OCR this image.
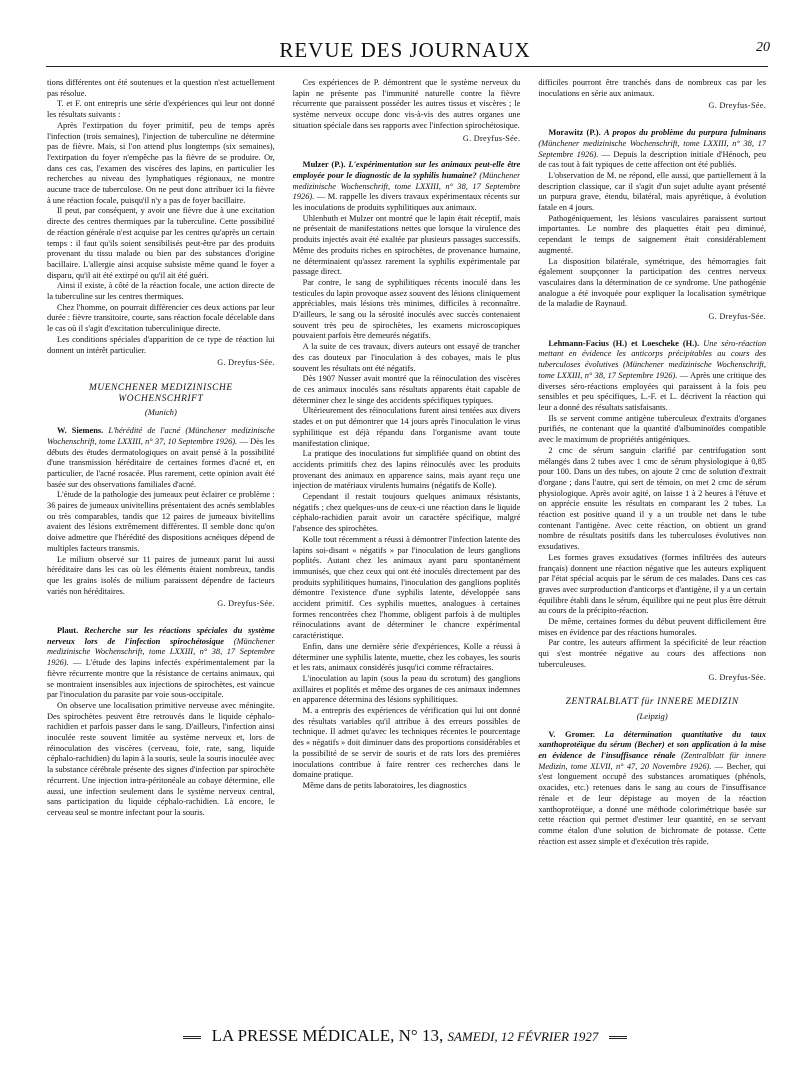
REVUE DES JOURNAUX	20

tions différentes ont été soutenues et la question n'est actuellement pas résolue.

T. et F. ont entrepris une série d'expériences qui leur ont donné les résultats suivants :

Après l'extirpation du foyer primitif, peu de temps après l'infection (trois semaines), l'injection de tuberculine ne détermine pas de fièvre. Mais, si l'on attend plus longtemps (six semaines), l'extirpation du foyer n'empêche pas la fièvre de se produire. Or, dans ces cas, l'examen des viscères des lapins, en particulier les recherches au niveau des lymphatiques régionaux, ne montre aucune trace de tuberculose. On ne peut donc attribuer ici la fièvre à une réaction focale, puisqu'il n'y a pas de foyer bacillaire.

Il peut, par conséquent, y avoir une fièvre due à une excitation directe des centres thermiques par la tuberculine. Cette possibilité de réaction générale n'est acquise par les centres qu'après un certain temps : il faut qu'ils soient sensibilisés peut-être par des produits provenant du tissu malade ou bien par des substances d'origine bacillaire. L'allergie ainsi acquise subsiste même quand le foyer a disparu, qu'il ait été extirpé ou qu'il ait été guéri.

Ainsi il existe, à côté de la réaction focale, une action directe de la tuberculine sur les centres thermiques.

Chez l'homme, on pourrait différencier ces deux actions par leur durée : fièvre transitoire, courte, sans réaction focale décelable dans le cas où il s'agit d'excitation tuberculinique directe.

Les conditions spéciales d'apparition de ce type de réaction lui donnent un intérêt particulier.

G. Dreyfus-Sée.
MUENCHENER MEDIZINISCHE WOCHENSCHRIFT
(Munich)

W. Siemens. L'hérédité de l'acné (Münchener medizinische Wochenschrift, tome LXXIII, n° 37, 10 Septembre 1926). — Dès les débuts des études dermatologiques on avait pensé à la possibilité d'une transmission héréditaire de certaines formes d'acné et, en particulier, de l'acné rosacée. Plus rarement, cette opinion avait été basée sur des observations familiales d'acné.

L'étude de la pathologie des jumeaux peut éclairer ce problème : 36 paires de jumeaux univitellins présentaient des acnés semblables ou très comparables, tandis que 12 paires de jumeaux bivitellins avaient des lésions extrêmement différentes. Il semble donc qu'on doive admettre que l'hérédité des dispositions acnéiques dépend de multiples facteurs transmis.

Le milium observé sur 11 paires de jumeaux parut lui aussi héréditaire dans les cas où les éléments étaient nombreux, tandis que les grains isolés de milium paraissent dépendre de facteurs variés non héréditaires.

G. Dreyfus-Sée.

Plaut. Recherche sur les réactions spéciales du système nerveux lors de l'infection spirochétosique (Münchener medizinische Wochenschrift, tome LXXIII, n° 38, 17 Septembre 1926). — L'étude des lapins infectés expérimentalement par la fièvre récurrente montre que la résistance de certains animaux, qui se montraient insensibles aux injections de spirochètes, est vaincue par l'inoculation du parasite par voie sous-occipitale.

On observe une localisation primitive nerveuse avec méningite. Des spirochètes peuvent être retrouvés dans le liquide céphalo-rachidien et parfois passer dans le sang. D'ailleurs, l'infection ainsi inoculée reste souvent limitée au système nerveux et, lors de réinoculation des viscères (cerveau, foie, rate, sang, liquide céphalo-rachidien) du lapin à la souris, seule la souris inoculée avec la substance cérébrale présente des signes d'infection par spirochète récurrent. Une injection intra-péritonéale au cobaye détermine, elle aussi, une infection seulement dans le système nerveux central, sans participation du liquide céphalo-rachidien. Là encore, le cerveau seul se montre infectant pour la souris.

Ces expériences de P. démontrent que le système nerveux du lapin ne présente pas l'immunité naturelle contre la fièvre récurrente que paraissent posséder les autres tissus et viscères ; le système nerveux occupe donc vis-à-vis des autres organes une situation spéciale dans ses rapports avec l'infection spirochétosique.

G. Dreyfus-Sée.

Mulzer (P.). L'expérimentation sur les animaux peut-elle être employée pour le diagnostic de la syphilis humaine? (Münchener medizinische Wochenschrift, tome LXXIII, n° 38, 17 Septembre 1926). — M. rappelle les divers travaux expérimentaux récents sur les inoculations de produits syphilitiques aux animaux.

Uhlenhuth et Mulzer ont montré que le lapin était réceptif, mais ne présentait de manifestations nettes que lorsque la virulence des produits injectés avait été exaltée par plusieurs passages successifs. Même des produits riches en spirochètes, de provenance humaine, ne déterminaient qu'assez rarement la syphilis expérimentale par passage direct.

Par contre, le sang de syphilitiques récents inoculé dans les testicules du lapin provoque assez souvent des lésions cliniquement appréciables, mais lésions très minimes, difficiles à reconnaître. D'ailleurs, le sang ou la sérosité inoculés avec succès contenaient souvent très peu de spirochètes, les examens microscopiques pouvaient parfois être demeurés négatifs.

A la suite de ces travaux, divers auteurs ont essayé de trancher des cas douteux par l'inoculation à des cobayes, mais le plus souvent les résultats ont été négatifs.

Dès 1907 Nusser avait montré que la réinoculation des viscères de ces animaux inoculés sans résultats apparents était capable de déterminer chez le singe des accidents spécifiques typiques.

Ultérieurement des réinoculations furent ainsi tentées aux divers stades et on put démontrer que 14 jours après l'inoculation le virus syphilitique est déjà répandu dans l'organisme avant toute manifestation clinique.

La pratique des inoculations fut simplifiée quand on obtint des accidents primitifs chez des lapins réinoculés avec les produits provenant des animaux en apparence sains, mais ayant reçu une injection de matériaux virulents humains (négatifs de Kolle).

Cependant il restait toujours quelques animaux résistants, négatifs ; chez quelques-uns de ceux-ci une réaction dans le liquide céphalo-rachidien parait avoir un caractère spécifique, malgré l'absence des spirochètes.

Kolle tout récemment a réussi à démontrer l'infection latente des lapins soi-disant « négatifs » par l'inoculation de leurs ganglions poplités. Autant chez les animaux ayant paru spontanément immunisés, que chez ceux qui ont été inoculés directement par des produits syphilitiques humains, l'inoculation des ganglions poplités démontre l'existence d'une syphilis latente, développée sans accident primitif. Ces syphilis muettes, analogues à certaines formes rencontrées chez l'homme, obligent parfois à de multiples réinoculations avant de déterminer le chancre expérimental caractéristique.

Enfin, dans une dernière série d'expériences, Kolle a réussi à déterminer une syphilis latente, muette, chez les cobayes, les souris et les rats, animaux considérés jusqu'ici comme réfractaires.

L'inoculation au lapin (sous la peau du scrotum) des ganglions axillaires et poplités et même des organes de ces animaux indemnes en apparence détermina des lésions syphilitiques.

M. a entrepris des expériences de vérification qui lui ont donné des résultats variables qu'il attribue à des erreurs possibles de technique. Il admet qu'avec les techniques récentes le pourcentage des « négatifs » doit diminuer dans des proportions considérables et la possibilité de se servir de souris et de rats lors des premières inoculations contribue à faire rentrer ces recherches dans le domaine pratique.

Même dans de petits laboratoires, les diagnostics

difficiles pourront être tranchés dans de nombreux cas par les inoculations en série aux animaux.

G. Dreyfus-Sée.

Morawitz (P.). A propos du problème du purpura fulminans (Münchener medizinische Wochenschrift, tome LXXIII, n° 38, 17 Septembre 1926). — Depuis la description initiale d'Hénoch, peu de cas tout à fait typiques de cette affection ont été publiés.

L'observation de M. ne répond, elle aussi, que partiellement à la description classique, car il s'agit d'un sujet adulte ayant présenté un purpura grave, étendu, bilatéral, mais apyrétique, à évolution fatale en 4 jours.

Pathogéniquement, les lésions vasculaires paraissent surtout importantes. Le nombre des plaquettes était peu diminué, cependant le temps de saignement était considérablement augmenté.

La disposition bilatérale, symétrique, des hémorragies fait également soupçonner la participation des centres nerveux vasculaires dans la détermination de ce syndrome. Une pathogénie analogue a été invoquée pour expliquer la localisation symétrique de la maladie de Raynaud.

G. Dreyfus-Sée.

Lehmann-Facius (H.) et Loescheke (H.). Une séro-réaction mettant en évidence les anticorps précipitables au cours des tuberculoses évolutives (Münchener medizinische Wochenschrift, tome LXXIII, n° 38, 17 Septembre 1926). — Après une critique des diverses séro-réactions employées qui paraissent à la fois peu sensibles et peu spécifiques, L.-F. et L. décrivent la réaction qui leur a donné des résultats satisfaisants.

Ils se servent comme antigène tuberculeux d'extraits d'organes purifiés, ne contenant que la quantité d'albuminoïdes compatible avec le maximum de propriétés antigéniques.

2 cmc de sérum sanguin clarifié par centrifugation sont mélangés dans 2 tubes avec 1 cmc de sérum physiologique à 0,85 pour 100. Dans un des tubes, on ajoute 2 cmc de solution d'extrait d'organe ; dans l'autre, qui sert de témoin, on met 2 cmc de sérum physiologique. Après avoir agité, on laisse 1 à 2 heures à l'étuve et on apprécie ensuite les résultats en comparant les 2 tubes. La réaction est positive quand il y a un trouble net dans le tube contenant l'antigène. Avec cette réaction, on obtient un grand nombre de résultats positifs dans les tuberculoses évolutives non exsudatives.

Les formes graves exsudatives (formes infiltrées des auteurs français) donnent une réaction négative que les auteurs expliquent par l'état spécial acquis par le sérum de ces malades. Dans ces cas graves avec surproduction d'anticorps et d'antigène, il y a un certain équilibre établi dans le sérum, équilibre qui ne peut plus être détruit au cours de la précipito-réaction.

De même, certaines formes du début peuvent difficilement être mises en évidence par des réactions humorales.

Par contre, les auteurs affirment la spécificité de leur réaction qui s'est montrée négative au cours des affections non tuberculeuses.

G. Dreyfus-Sée.
ZENTRALBLATT für INNERE MEDIZIN
(Leipzig)

V. Gromer. La détermination quantitative du taux xanthoprotéique du sérum (Becher) et son application à la mise en évidence de l'insuffisance rénale (Zentralblatt für innere Medizin, tome XLVII, n° 47, 20 Novembre 1926). — Becher, qui s'est longuement occupé des substances aromatiques (phénols, oxacides, etc.) retenues dans le sang au cours de l'insuffisance rénale et de leur dépistage au moyen de la réaction xanthoprotéique, a donné une méthode colorimétrique basée sur cette réaction qui permet d'estimer leur quantité, en se servant comme étalon d'une solution de bichromate de potasse. Cette réaction est assez simple et d'exécution très rapide.

LA PRESSE MÉDICALE, N° 13, SAMEDI, 12 FÉVRIER 1927
